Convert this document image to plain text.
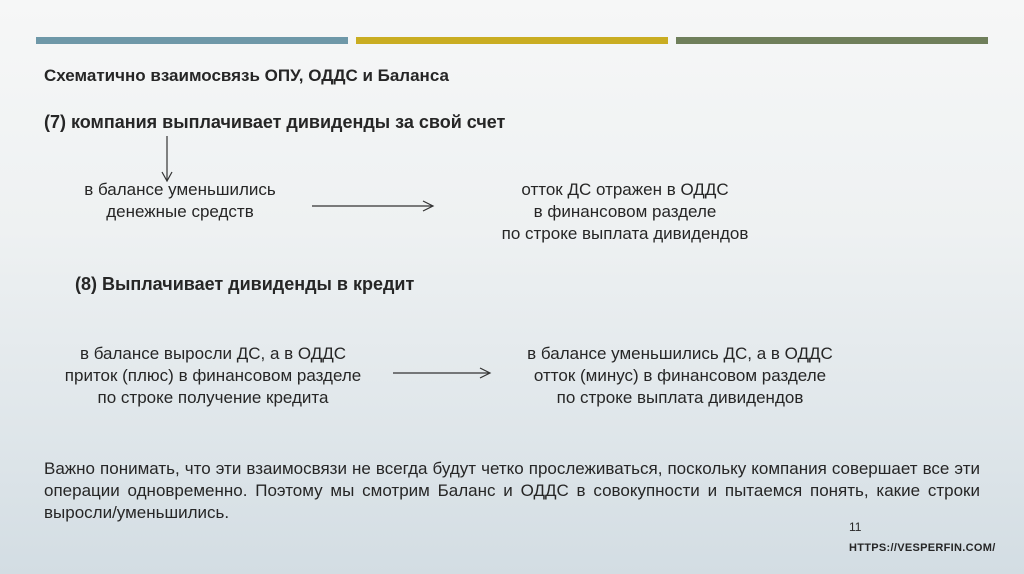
Схематично взаимосвязь ОПУ, ОДДС и Баланса
(7) компания выплачивает дивиденды за свой счет
в балансе уменьшились
денежные средств
отток ДС отражен в ОДДС
в финансовом разделе
по строке выплата дивидендов
(8) Выплачивает дивиденды в кредит
в балансе выросли ДС, а в ОДДС
приток (плюс) в финансовом разделе
по строке получение кредита
в балансе уменьшились ДС, а в ОДДС
отток (минус) в финансовом разделе
по строке выплата дивидендов

Важно понимать, что эти взаимосвязи не всегда будут четко прослеживаться, поскольку компания совершает все эти операции одновременно. Поэтому мы смотрим Баланс и ОДДС в совокупности и пытаемся понять, какие строки выросли/уменьшились.

11
HTTPS://VESPERFIN.COM/
